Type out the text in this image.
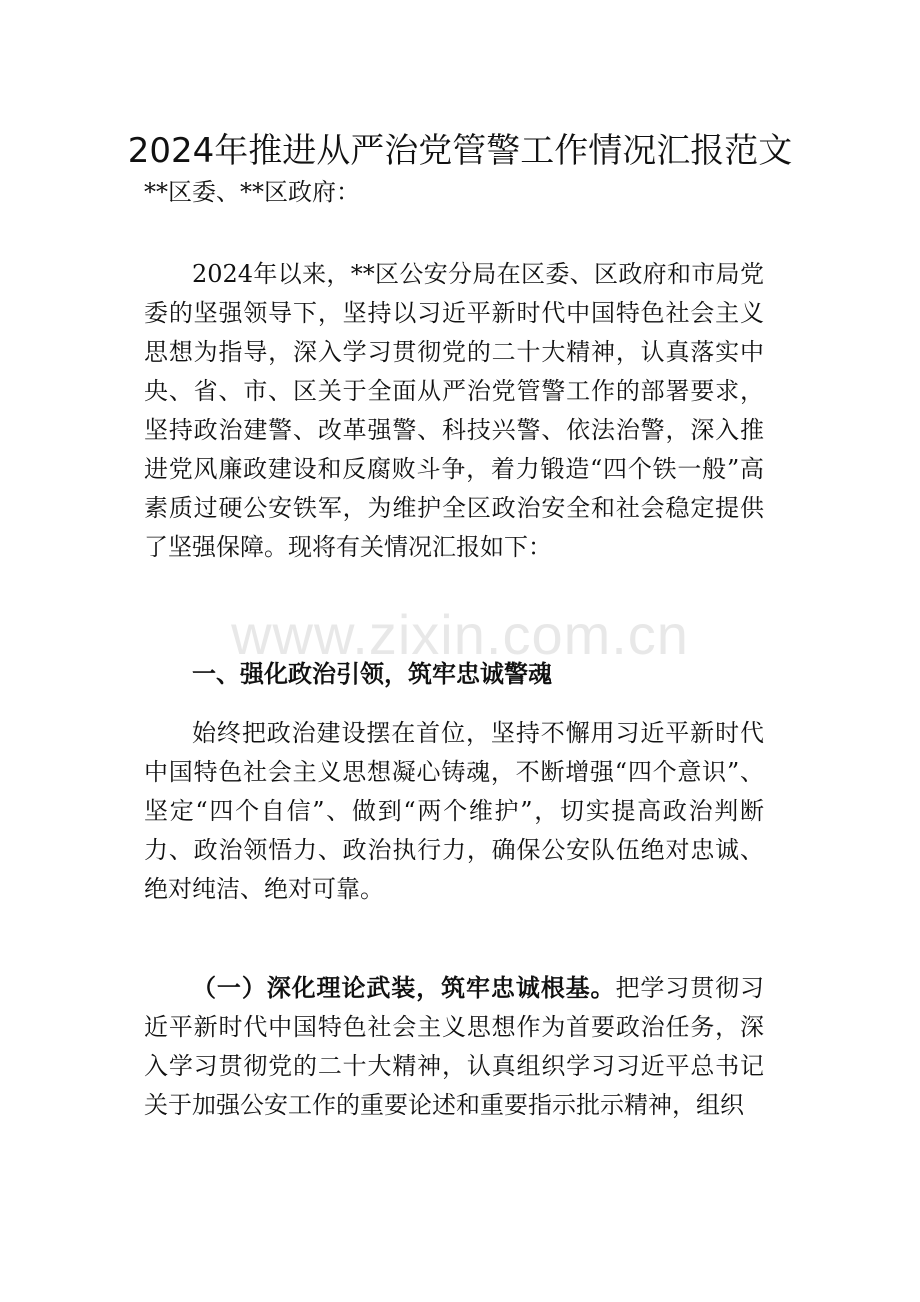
2024年推进从严治党管警工作情况汇报范文
**区委、**区政府：
2024年以来，**区公安分局在区委、区政府和市局党委的坚强领导下，坚持以习近平新时代中国特色社会主义思想为指导，深入学习贯彻党的二十大精神，认真落实中央、省、市、区关于全面从严治党管警工作的部署要求，坚持政治建警、改革强警、科技兴警、依法治警，深入推进党风廉政建设和反腐败斗争，着力锻造“四个铁一般”高素质过硬公安铁军，为维护全区政治安全和社会稳定提供了坚强保障。现将有关情况汇报如下：
一、强化政治引领，筑牢忠诚警魂
始终把政治建设摆在首位，坚持不懈用习近平新时代中国特色社会主义思想凝心铸魂，不断增强“四个意识”、坚定“四个自信”、做到“两个维护”，切实提高政治判断力、政治领悟力、政治执行力，确保公安队伍绝对忠诚、绝对纯洁、绝对可靠。
（一）深化理论武装，筑牢忠诚根基。把学习贯彻习近平新时代中国特色社会主义思想作为首要政治任务，深入学习贯彻党的二十大精神，认真组织学习习近平总书记关于加强公安工作的重要论述和重要指示批示精神，组织
www.zixin.com.cn
